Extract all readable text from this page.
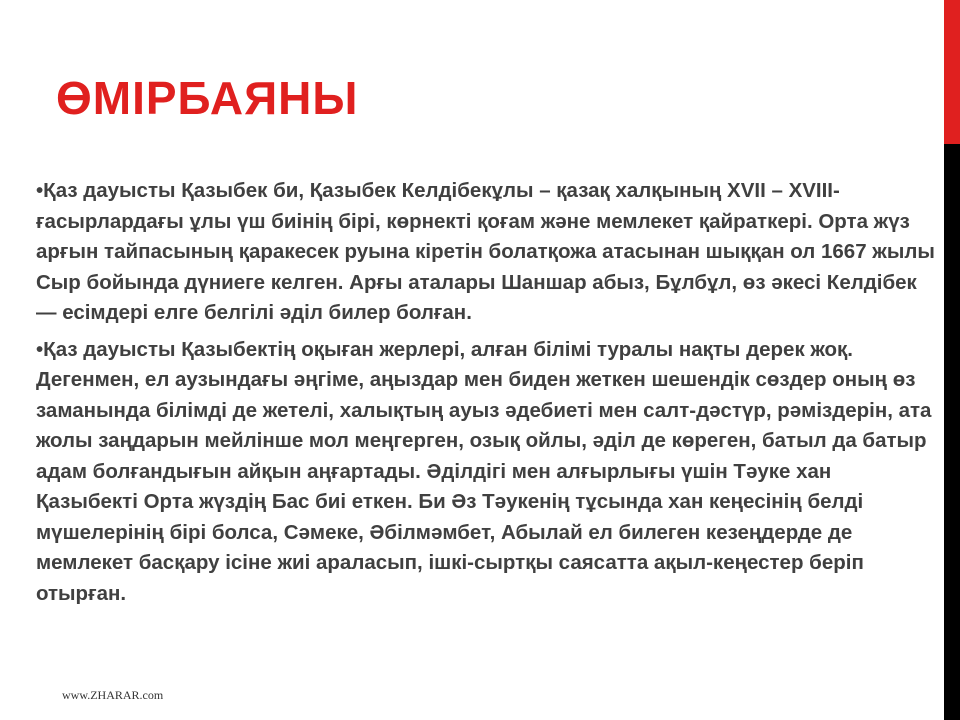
ӨМІРБАЯНЫ

•Қаз дауысты Қазыбек би, Қазыбек Келдібекұлы – қазақ халқының XVII – XVIII-ғасырлардағы ұлы үш биінің бірі, көрнекті қоғам және мемлекет қайраткері. Орта жүз арғын тайпасының қаракесек руына кіретін болатқожа атасынан шыққан ол 1667 жылы Сыр бойында дүниеге келген. Арғы аталары Шаншар абыз, Бұлбұл, өз әкесі Келдібек — есімдері елге белгілі әділ билер болған.

•Қаз дауысты Қазыбектің оқыған жерлері, алған білімі туралы нақты дерек жоқ. Дегенмен, ел аузындағы әңгіме, аңыздар мен биден жеткен шешендік сөздер оның өз заманында білімді де жетелі, халықтың ауыз әдебиеті мен салт-дәстүр, рәміздерін, ата жолы заңдарын мейлінше мол меңгерген, озық ойлы, әділ де көреген, батыл да батыр адам болғандығын айқын аңғартады. Әділдігі мен алғырлығы үшін Тәуке хан Қазыбекті Орта жүздің Бас биі еткен. Би Әз Тәукенің тұсында хан кеңесінің белді мүшелерінің бірі болса, Сәмеке, Әбілмәмбет, Абылай ел билеген кезеңдерде де мемлекет басқару ісіне жиі араласып, ішкі-сыртқы саясатта ақыл-кеңестер беріп отырған.

www.ZHARAR.com
